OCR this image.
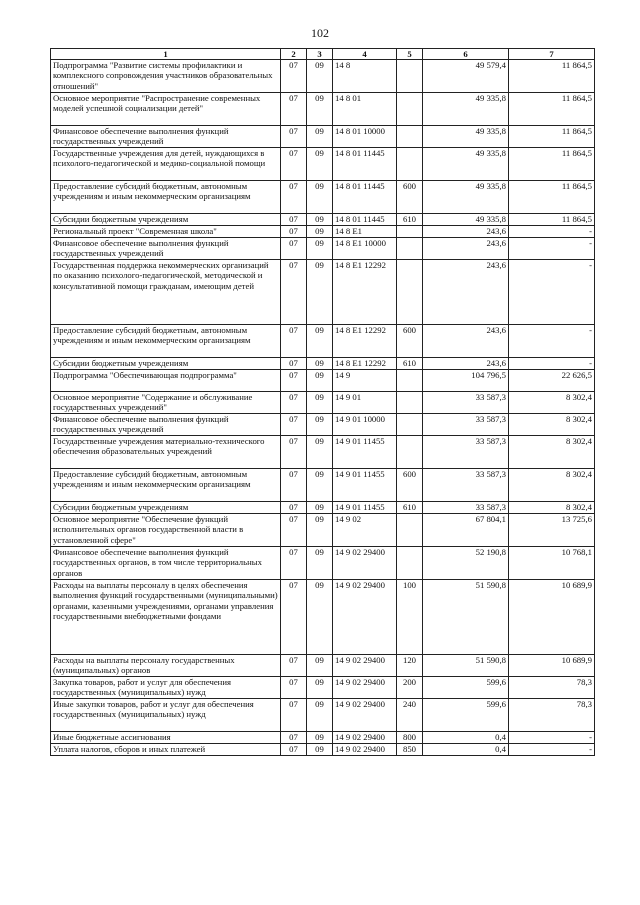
102
1	2	3	4	5	6	7
Подпрограмма "Развитие системы профилактики и комплексного сопровождения участников образовательных отношений"	07	09	14 8		49 579,4	11 864,5
Основное мероприятие "Распространение современных моделей успешной социализации детей"	07	09	14 8 01		49 335,8	11 864,5
Финансовое обеспечение выполнения функций государственных учреждений	07	09	14 8 01 10000		49 335,8	11 864,5
Государственные учреждения для детей, нуждающихся в психолого-педагогической и медико-социальной помощи	07	09	14 8 01 11445		49 335,8	11 864,5
Предоставление субсидий бюджетным, автономным учреждениям и иным некоммерческим организациям	07	09	14 8 01 11445	600	49 335,8	11 864,5
Субсидии бюджетным учреждениям	07	09	14 8 01 11445	610	49 335,8	11 864,5
Региональный проект "Современная школа"	07	09	14 8 E1		243,6	-
Финансовое обеспечение выполнения функций государственных учреждений	07	09	14 8 E1 10000		243,6	-
Государственная поддержка некоммерческих организаций по оказанию психолого-педагогической, методической и консультативной помощи гражданам, имеющим детей	07	09	14 8 E1 12292		243,6	-
Предоставление субсидий бюджетным, автономным учреждениям и иным некоммерческим организациям	07	09	14 8 E1 12292	600	243,6	-
Субсидии бюджетным учреждениям	07	09	14 8 E1 12292	610	243,6	-
Подпрограмма "Обеспечивающая подпрограмма"	07	09	14 9		104 796,5	22 626,5
Основное мероприятие "Содержание и обслуживание государственных учреждений"	07	09	14 9 01		33 587,3	8 302,4
Финансовое обеспечение выполнения функций государственных учреждений	07	09	14 9 01 10000		33 587,3	8 302,4
Государственные учреждения материально-технического обеспечения образовательных учреждений	07	09	14 9 01 11455		33 587,3	8 302,4
Предоставление субсидий бюджетным, автономным учреждениям и иным некоммерческим организациям	07	09	14 9 01 11455	600	33 587,3	8 302,4
Субсидии бюджетным учреждениям	07	09	14 9 01 11455	610	33 587,3	8 302,4
Основное мероприятие "Обеспечение функций исполнительных органов государственной власти в установленной сфере"	07	09	14 9 02		67 804,1	13 725,6
Финансовое обеспечение выполнения функций государственных органов, в том числе территориальных органов	07	09	14 9 02 29400		52 190,8	10 768,1
Расходы на выплаты персоналу в целях обеспечения выполнения функций государственными (муниципальными) органами, казенными учреждениями, органами управления государственными внебюджетными фондами	07	09	14 9 02 29400	100	51 590,8	10 689,9
Расходы на выплаты персоналу государственных (муниципальных) органов	07	09	14 9 02 29400	120	51 590,8	10 689,9
Закупка товаров, работ и услуг для обеспечения государственных (муниципальных) нужд	07	09	14 9 02 29400	200	599,6	78,3
Иные закупки товаров, работ и услуг для обеспечения государственных (муниципальных) нужд	07	09	14 9 02 29400	240	599,6	78,3
Иные бюджетные ассигнования	07	09	14 9 02 29400	800	0,4	-
Уплата налогов, сборов и иных платежей	07	09	14 9 02 29400	850	0,4	-
